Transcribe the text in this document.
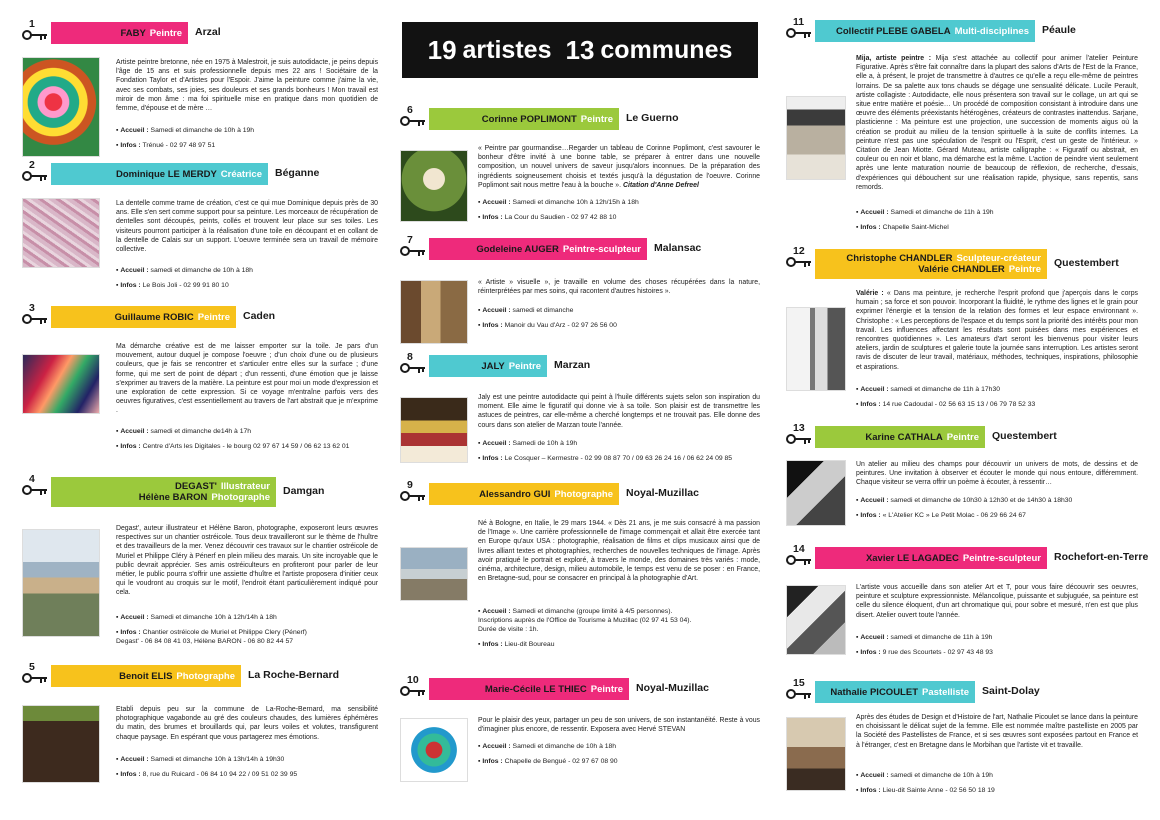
19 artistes 13 communes
1
FABY Peintre Arzal
Artiste peintre bretonne, née en 1975 à Malestroit, je suis autodidacte, je peins depuis l'âge de 15 ans et suis professionnelle depuis mes 22 ans ! Sociétaire de la Fondation Taylor et d'Artistes pour l'Espoir. J'aime la peinture comme j'aime la vie, avec ses combats, ses joies, ses douleurs et ses grands bonheurs ! Mon travail est miroir de mon âme : ma foi spirituelle mise en pratique dans mon quotidien de femme, d'épouse et de mère …
▪ Accueil : Samedi et dimanche de 10h à 19h
▪ Infos : Trénué - 02 97 48 97 51
2
Dominique LE MERDY Créatrice Béganne
La dentelle comme trame de création, c'est ce qui mue Dominique depuis près de 30 ans. Elle s'en sert comme support pour sa peinture. Les morceaux de récupération de dentelles sont découpés, peints, collés et trouvent leur place sur ses toiles. Les visiteurs pourront participer à la réalisation d'une toile en découpant et en collant de la dentelle de Calais sur un support. L'oeuvre terminée sera un travail de mémoire collective.
▪ Accueil : samedi et dimanche de 10h à 18h
▪ Infos : Le Bois Joli - 02 99 91 80 10
3
Guillaume ROBIC Peintre Caden
Ma démarche créative est de me laisser emporter sur la toile. Je pars d'un mouvement, autour duquel je compose l'oeuvre ; d'un choix d'une ou de plusieurs couleurs, que je fais se rencontrer et s'articuler entre elles sur la surface ; d'une forme, qui me sert de point de départ ; d'un ressenti, d'une émotion que je laisse s'exprimer au travers de la matière. La peinture est pour moi un mode d'expression et une exploration de cette expression. Si ce voyage m'entraîne parfois vers des oeuvres figuratives, c'est essentiellement au travers de l'art abstrait que je m'exprime .
▪ Accueil : samedi et dimanche de14h à 17h
▪ Infos : Centre d'Arts les Digitales - le bourg 02 97 67 14 59 / 06 62 13 62 01
4
DEGAST' Illustrateur
Hélène BARON Photographe
Damgan
Degast', auteur illustrateur et Hélène Baron, photographe, exposeront leurs œuvres respectives sur un chantier ostréicole. Tous deux travailleront sur le thème de l'huître et des travailleurs de la mer. Venez découvrir ces travaux sur le chantier ostréicole de Muriel et Philippe Cléry à Pénerf en plein milieu des marais. Un site incroyable que le public devrait apprécier. Ses amis ostréiculteurs en profiteront pour parler de leur métier, le public pourra s'offrir une assiette d'huître et l'artiste proposera d'initier ceux qui le voudront au croquis sur le motif, l'endroit étant particulièrement indiqué pour cela.
▪ Accueil : Samedi et dimanche 10h à 12h/14h à 18h
▪ Infos : Chantier ostréicole de Muriel et Philippe Clery (Pénerf)
Degast' - 06 84 08 41 03, Hélène BARON - 06 80 82 44 57
5
Benoit ELIS Photographe La Roche-Bernard
Etabli depuis peu sur la commune de La-Roche-Bernard, ma sensibilité photographique vagabonde au gré des couleurs chaudes, des lumières éphémères du matin, des brumes et brouillards qui, par leurs voiles et volutes, transfigurent chaque paysage. En espérant que vous partagerez mes émotions.
▪ Accueil : Samedi et dimanche 10h à 13h/14h à 19h30
▪ Infos : 8, rue du Ruicard - 06 84 10 94 22 / 09 51 02 39 95
6
Corinne POPLIMONT Peintre Le Guerno
« Peintre par gourmandise…Regarder un tableau de Corinne Poplimont, c'est savourer le bonheur d'être invité à une bonne table, se préparer à entrer dans une nouvelle composition, un nouvel univers de saveur jusqu'alors inconnues. De la préparation des ingrédients soigneusement choisis et textés jusqu'à la dégustation de l'oeuvre. Corinne Poplimont sait nous mettre l'eau à la bouche ». Citation d'Anne Defreel
▪ Accueil : Samedi et dimanche 10h à 12h/15h à 18h
▪ Infos : La Cour du Saudien - 02 97 42 88 10
7
Godeleine AUGER Peintre-sculpteur Malansac
« Artiste » visuelle », je travaille en volume des choses récupérées dans la nature, réinterprétées par mes soins, qui racontent d'autres histoires ».
▪ Accueil : samedi et dimanche
▪ Infos : Manoir du Vau d'Arz - 02 97 26 56 00
8
JALY Peintre Marzan
Jaly est une peintre autodidacte qui peint à l'huile différents sujets selon son inspiration du moment. Elle aime le figuratif qui donne vie à sa toile. Son plaisir est de transmettre les astuces de peintres, car elle-même a cherché longtemps et ne trouvait pas. Elle donne des cours dans son atelier de Marzan toute l'année.
▪ Accueil : Samedi de 10h à 19h
▪ Infos : Le Cosquer – Kermestre - 02 99 08 87 70 / 09 63 26 24 16 / 06 62 24 09 85
9
Alessandro GUI Photographe Noyal-Muzillac
Né à Bologne, en Italie, le 29 mars 1944. « Dès 21 ans, je me suis consacré à ma passion de l'Image ». Une carrière professionnelle de l'image commençait et allait être exercée tant en Europe qu'aux USA : photographie, réalisation de films et clips musicaux ainsi que de livres alliant textes et photographies, recherches de nouvelles techniques de l'image. Après avoir pratiqué le portrait et exploré, à travers le monde, des domaines très variés : mode, cinéma, architecture, design, milieu automobile, le temps est venu de se poser : en France, en Bretagne-sud, pour se consacrer en principal à la photographie d'Art.
▪ Accueil : Samedi et dimanche (groupe limité à 4/5 personnes).
Inscriptions auprès de l'Office de Tourisme à Muzillac (02 97 41 53 04).
Durée de visite : 1h.
▪ Infos : Lieu-dit Boureau
10
Marie-Cécile LE THIEC Peintre Noyal-Muzillac
Pour le plaisir des yeux, partager un peu de son univers, de son instantanéité. Reste à vous d'imaginer plus encore, de ressentir. Exposera avec Hervé STEVAN
▪ Accueil : Samedi et dimanche de 10h à 18h
▪ Infos : Chapelle de Bengué - 02 97 67 08 90
11
Collectif PLEBE GABELA Multi-disciplines Péaule
Mija, artiste peintre : Mija s'est attachée au collectif pour animer l'atelier Peinture Figurative. Après s'être fait connaître dans la plupart des salons d'Arts de l'Est de la France, elle a, à présent, le projet de transmettre à d'autres ce qu'elle a reçu elle-même de peintres lorrains. De sa palette aux tons chauds se dégage une sensualité délicate. Lucile Perault, artiste collagiste : Autodidacte, elle nous présentera son travail sur le collage, un art qui se situe entre matière et poésie… Un procédé de composition consistant à introduire dans une œuvre des éléments préexistants hétérogènes, créateurs de contrastes inattendus. Sarjane, plasticienne : Ma peinture est une projection, une succession de moments aigus où la création se produit au milieu de la tension spirituelle à la suite de conflits internes. La peinture n'est pas une spéculation de l'esprit ou l'Esprit, c'est un geste de l'intérieur. » Citation de Jean Miotte. Gérard Muteau, artiste calligraphe : « Figuratif ou abstrait, en couleur ou en noir et blanc, ma démarche est la même. L'action de peindre vient seulement après une lente maturation nourrie de beaucoup de réflexion, de recherche, d'essais, d'expériences qui débouchent sur une réalisation rapide, physique, sans repentis, sans remords.
▪ Accueil : Samedi et dimanche de 11h à 19h
▪ Infos : Chapelle Saint-Michel
12
Christophe CHANDLER Sculpteur-créateur
Valérie CHANDLER Peintre
Questembert
Valérie : « Dans ma peinture, je recherche l'esprit profond que j'aperçois dans le corps humain ; sa force et son pouvoir. Incorporant la fluidité, le rythme des lignes et le grain pour exprimer l'énergie et la tension de la relation des formes et leur espace environnant ». Christophe : « Les perceptions de l'espace et du temps sont la priorité des intérêts pour mon travail. Les influences affectant les résultats sont puisées dans mes expériences et rencontres quotidiennes ». Les amateurs d'art seront les bienvenus pour visiter leurs ateliers, jardin de sculptures et galerie toute la journée sans interruption. Les artistes seront ravis de discuter de leur travail, matériaux, méthodes, techniques, inspirations, philosophie et aspirations.
▪ Accueil : samedi et dimanche de 11h à 17h30
▪ Infos : 14 rue Cadoudal - 02 56 63 15 13 / 06 79 78 52 33
13
Karine CATHALA Peintre Questembert
Un atelier au milieu des champs pour découvrir un univers de mots, de dessins et de peintures. Une invitation à observer et écouter le monde qui nous entoure, différemment. Chaque visiteur se verra offrir un poème à écouter, à ressentir…
▪ Accueil : samedi et dimanche de 10h30 à 12h30 et de 14h30 à 18h30
▪ Infos : « L'Atelier KC » Le Petit Molac - 06 29 66 24 67
14
Xavier LE LAGADEC Peintre-sculpteur Rochefort-en-Terre
L'artiste vous accueille dans son atelier Art et T, pour vous faire découvrir ses oeuvres, peinture et sculpture expressionniste. Mélancolique, puissante et subjuguée, sa peinture est celle du silence éloquent, d'un art chromatique qui, pour sobre et mesuré, n'en est que plus disert. Atelier ouvert toute l'année.
▪ Accueil : samedi et dimanche de 11h à 19h
▪ Infos : 9 rue des Scourtets - 02 97 43 48 93
15
Nathalie PICOULET Pastelliste Saint-Dolay
Après des études de Design et d'Histoire de l'art, Nathalie Picoulet se lance dans la peinture en choisissant le délicat sujet de la femme. Elle est nommée maître pastelliste en 2005 par la Société des Pastellistes de France, et si ses œuvres sont exposées partout en France et à l'étranger, c'est en Bretagne dans le Morbihan que l'artiste vit et travaille.
▪ Accueil : samedi et dimanche de 10h à 19h
▪ Infos : Lieu-dit Sainte Anne - 02 56 50 18 19
